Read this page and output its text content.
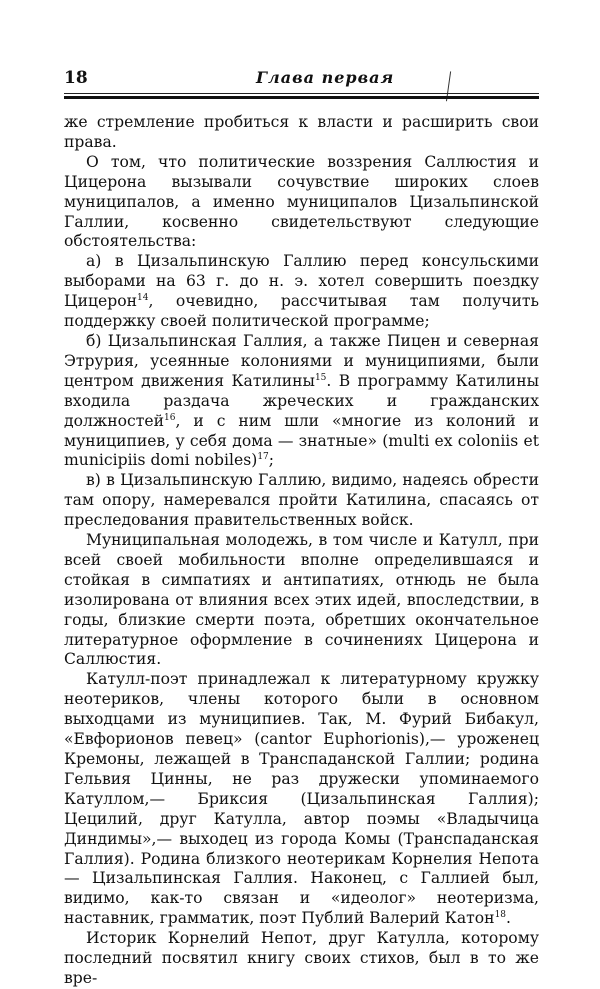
18	Глава первая

же стремление пробиться к власти и расширить свои права.

О том, что политические воззрения Саллюстия и Цицерона вызывали сочувствие широких слоев муниципалов, а именно муниципалов Цизальпинской Галлии, косвенно свидетельствуют следующие обстоятельства:

а) в Цизальпинскую Галлию перед консульскими выборами на 63 г. до н. э. хотел совершить поездку Цицерон$^{14}$, очевидно, рассчитывая там получить поддержку своей политической программе;

б) Цизальпинская Галлия, а также Пицен и северная Этрурия, усеянные колониями и муниципиями, были центром движения Катилины$^{15}$. В программу Катилины входила раздача жреческих и гражданских должностей$^{16}$, и с ним шли «многие из колоний и муниципиев, у себя дома — знатные» (multi ex coloniis et municipiis domi nobiles)$^{17}$;

в) в Цизальпинскую Галлию, видимо, надеясь обрести там опору, намеревался пройти Катилина, спасаясь от преследования правительственных войск.

Муниципальная молодежь, в том числе и Катулл, при всей своей мобильности вполне определившаяся и стойкая в симпатиях и антипатиях, отнюдь не была изолирована от влияния всех этих идей, впоследствии, в годы, близкие смерти поэта, обретших окончательное литературное оформление в сочинениях Цицерона и Саллюстия.

Катулл-поэт принадлежал к литературному кружку неотериков, члены которого были в основном выходцами из муниципиев. Так, М. Фурий Бибакул, «Евфорионов певец» (cantor Euphorionis),— уроженец Кремоны, лежащей в Транспаданской Галлии; родина Гельвия Цинны, не раз дружески упоминаемого Катуллом,— Бриксия (Цизальпинская Галлия); Цецилий, друг Катулла, автор поэмы «Владычица Диндимы»,— выходец из города Комы (Транспаданская Галлия). Родина близкого неотерикам Корнелия Непота — Цизальпинская Галлия. Наконец, с Галлией был, видимо, как-то связан и «идеолог» неотеризма, наставник, грамматик, поэт Публий Валерий Катон$^{18}$.

Историк Корнелий Непот, друг Катулла, которому последний посвятил книгу своих стихов, был в то же вре-
